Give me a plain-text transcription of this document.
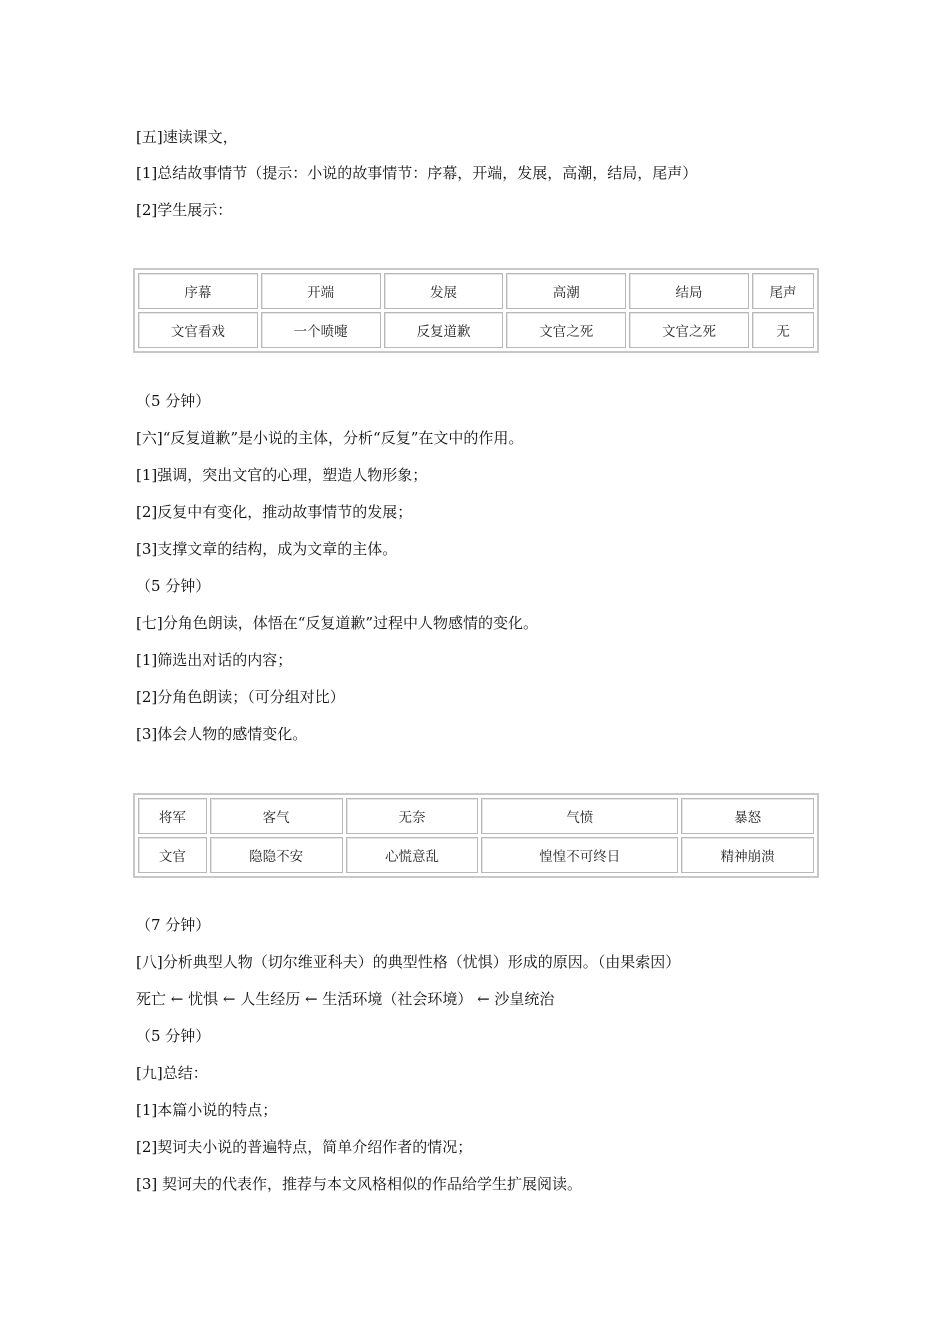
[五]速读课文，
[1]总结故事情节（提示：小说的故事情节：序幕，开端，发展，高潮，结局，尾声）
[2]学生展示：
序幕	开端	发展	高潮	结局	尾声
文官看戏	一个喷嚏	反复道歉	文官之死	文官之死	无
（5 分钟）
[六]“反复道歉”是小说的主体，分析“反复”在文中的作用。
[1]强调，突出文官的心理，塑造人物形象；
[2]反复中有变化，推动故事情节的发展；
[3]支撑文章的结构，成为文章的主体。
（5 分钟）
[七]分角色朗读，体悟在“反复道歉”过程中人物感情的变化。
[1]筛选出对话的内容；
[2]分角色朗读；（可分组对比）
[3]体会人物的感情变化。
将军	客气	无奈	气愤	暴怒
文官	隐隐不安	心慌意乱	惶惶不可终日	精神崩溃
（7 分钟）
[八]分析典型人物（切尔维亚科夫）的典型性格（忧惧）形成的原因。（由果索因）
死亡 ← 忧惧 ← 人生经历 ← 生活环境（社会环境） ← 沙皇统治
（5 分钟）
[九]总结：
[1]本篇小说的特点；
[2]契诃夫小说的普遍特点，简单介绍作者的情况；
[3] 契诃夫的代表作，推荐与本文风格相似的作品给学生扩展阅读。
